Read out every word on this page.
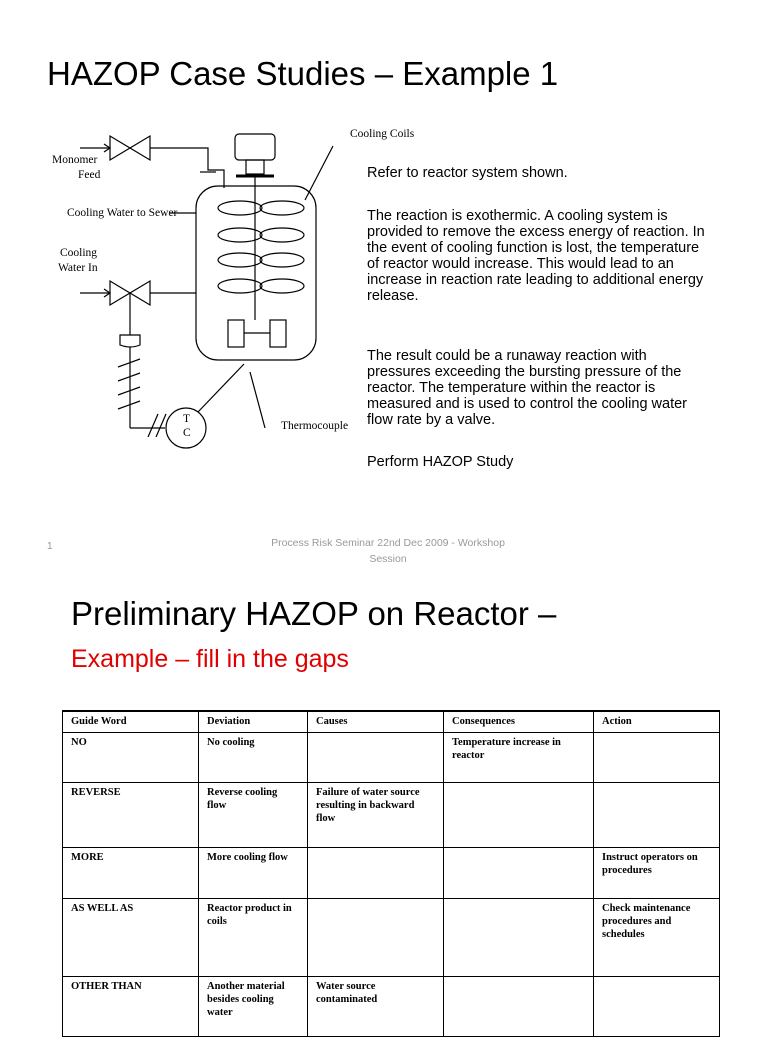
HAZOP Case Studies – Example 1
Cooling Coils
Monomer
Feed
Cooling Water to Sewer
Cooling
Water In
T
C
Thermocouple
Refer to reactor system shown.
The reaction is exothermic. A cooling system is provided to remove the excess energy of reaction. In the event of cooling function is lost, the temperature of reactor would increase. This would lead to an increase in reaction rate leading to additional energy release.
The result could be a runaway reaction with pressures exceeding the bursting pressure of the reactor. The temperature within the reactor is measured and is used to control the cooling water flow rate by a valve.
Perform HAZOP Study
1	Process Risk Seminar 22nd Dec 2009 - Workshop Session
Preliminary HAZOP on Reactor –
Example – fill in the gaps
Guide Word	Deviation	Causes	Consequences	Action
NO	No cooling		Temperature increase in reactor	
REVERSE	Reverse cooling flow	Failure of water source resulting in backward flow		
MORE	More cooling flow			Instruct operators on procedures
AS WELL AS	Reactor product in coils			Check maintenance procedures and schedules
OTHER THAN	Another material besides cooling water	Water source contaminated		
